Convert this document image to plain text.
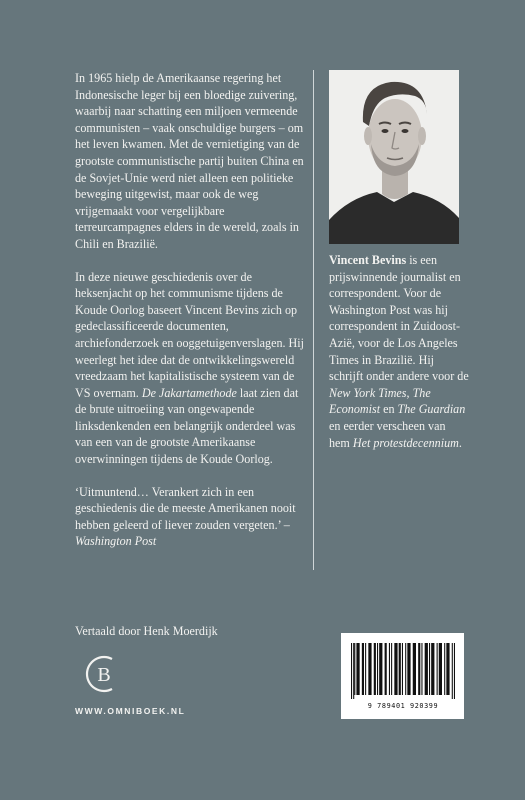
In 1965 hielp de Amerikaanse regering het Indonesische leger bij een bloedige zuivering, waarbij naar schatting een miljoen vermeende communisten – vaak onschuldige burgers – om het leven kwamen. Met de vernietiging van de grootste communistische partij buiten China en de Sovjet-Unie werd niet alleen een politieke beweging uitgewist, maar ook de weg vrijgemaakt voor vergelijkbare terreurcampagnes elders in de wereld, zoals in Chili en Brazilië.

In deze nieuwe geschiedenis over de heksenjacht op het communisme tijdens de Koude Oorlog baseert Vincent Bevins zich op gedeclassificeerde documenten, archiefonderzoek en ooggetuigenverslagen. Hij weerlegt het idee dat de ontwikkelingswereld vreedzaam het kapitalistische systeem van de VS overnam. De Jakartamethode laat zien dat de brute uitroeiing van ongewapende linksdenkenden een belangrijk onderdeel was van een van de grootste Amerikaanse overwinningen tijdens de Koude Oorlog.

‘Uitmuntend… Verankert zich in een geschiedenis die de meeste Amerikanen nooit hebben geleerd of liever zouden vergeten.’ – Washington Post

Vincent Bevins is een prijswinnende journalist en correspondent. Voor de Washington Post was hij correspondent in Zuidoost-Azië, voor de Los Angeles Times in Brazilië. Hij schrijft onder andere voor de New York Times, The Economist en The Guardian en eerder verscheen van hem Het protestdecennium.
Vertaald door Henk Moerdijk
B
WWW.OMNIBOEK.NL	9 789401 920399
